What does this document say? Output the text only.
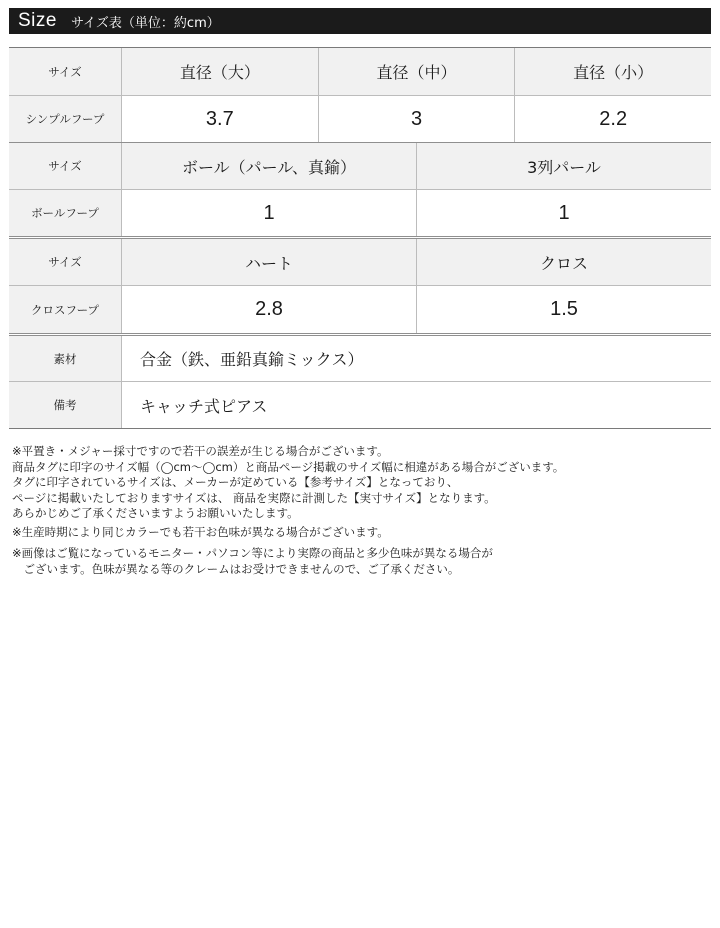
Size サイズ表（単位：約cm）
サイズ	直径（大）	直径（中）	直径（小）
シンプルフープ	3.7	3	2.2
サイズ	ボール（パール、真鍮）	3列パール
ボールフープ	1	1
サイズ	ハート	クロス
クロスフープ	2.8	1.5
素材	合金（鉄、亜鉛真鍮ミックス）
備考	キャッチ式ピアス

※平置き・メジャー採寸ですので若干の誤差が生じる場合がございます。

商品タグに印字のサイズ幅（◯cm〜◯cm）と商品ページ掲載のサイズ幅に相違がある場合がございます。

タグに印字されているサイズは、メーカーが定めている【参考サイズ】となっており、

ページに掲載いたしておりますサイズは、 商品を実際に計測した【実寸サイズ】となります。

あらかじめご了承くださいますようお願いいたします。

※生産時期により同じカラーでも若干お色味が異なる場合がございます。

※画像はご覧になっているモニター・パソコン等により実際の商品と多少色味が異なる場合が

　ございます。色味が異なる等のクレームはお受けできませんので、ご了承ください。
